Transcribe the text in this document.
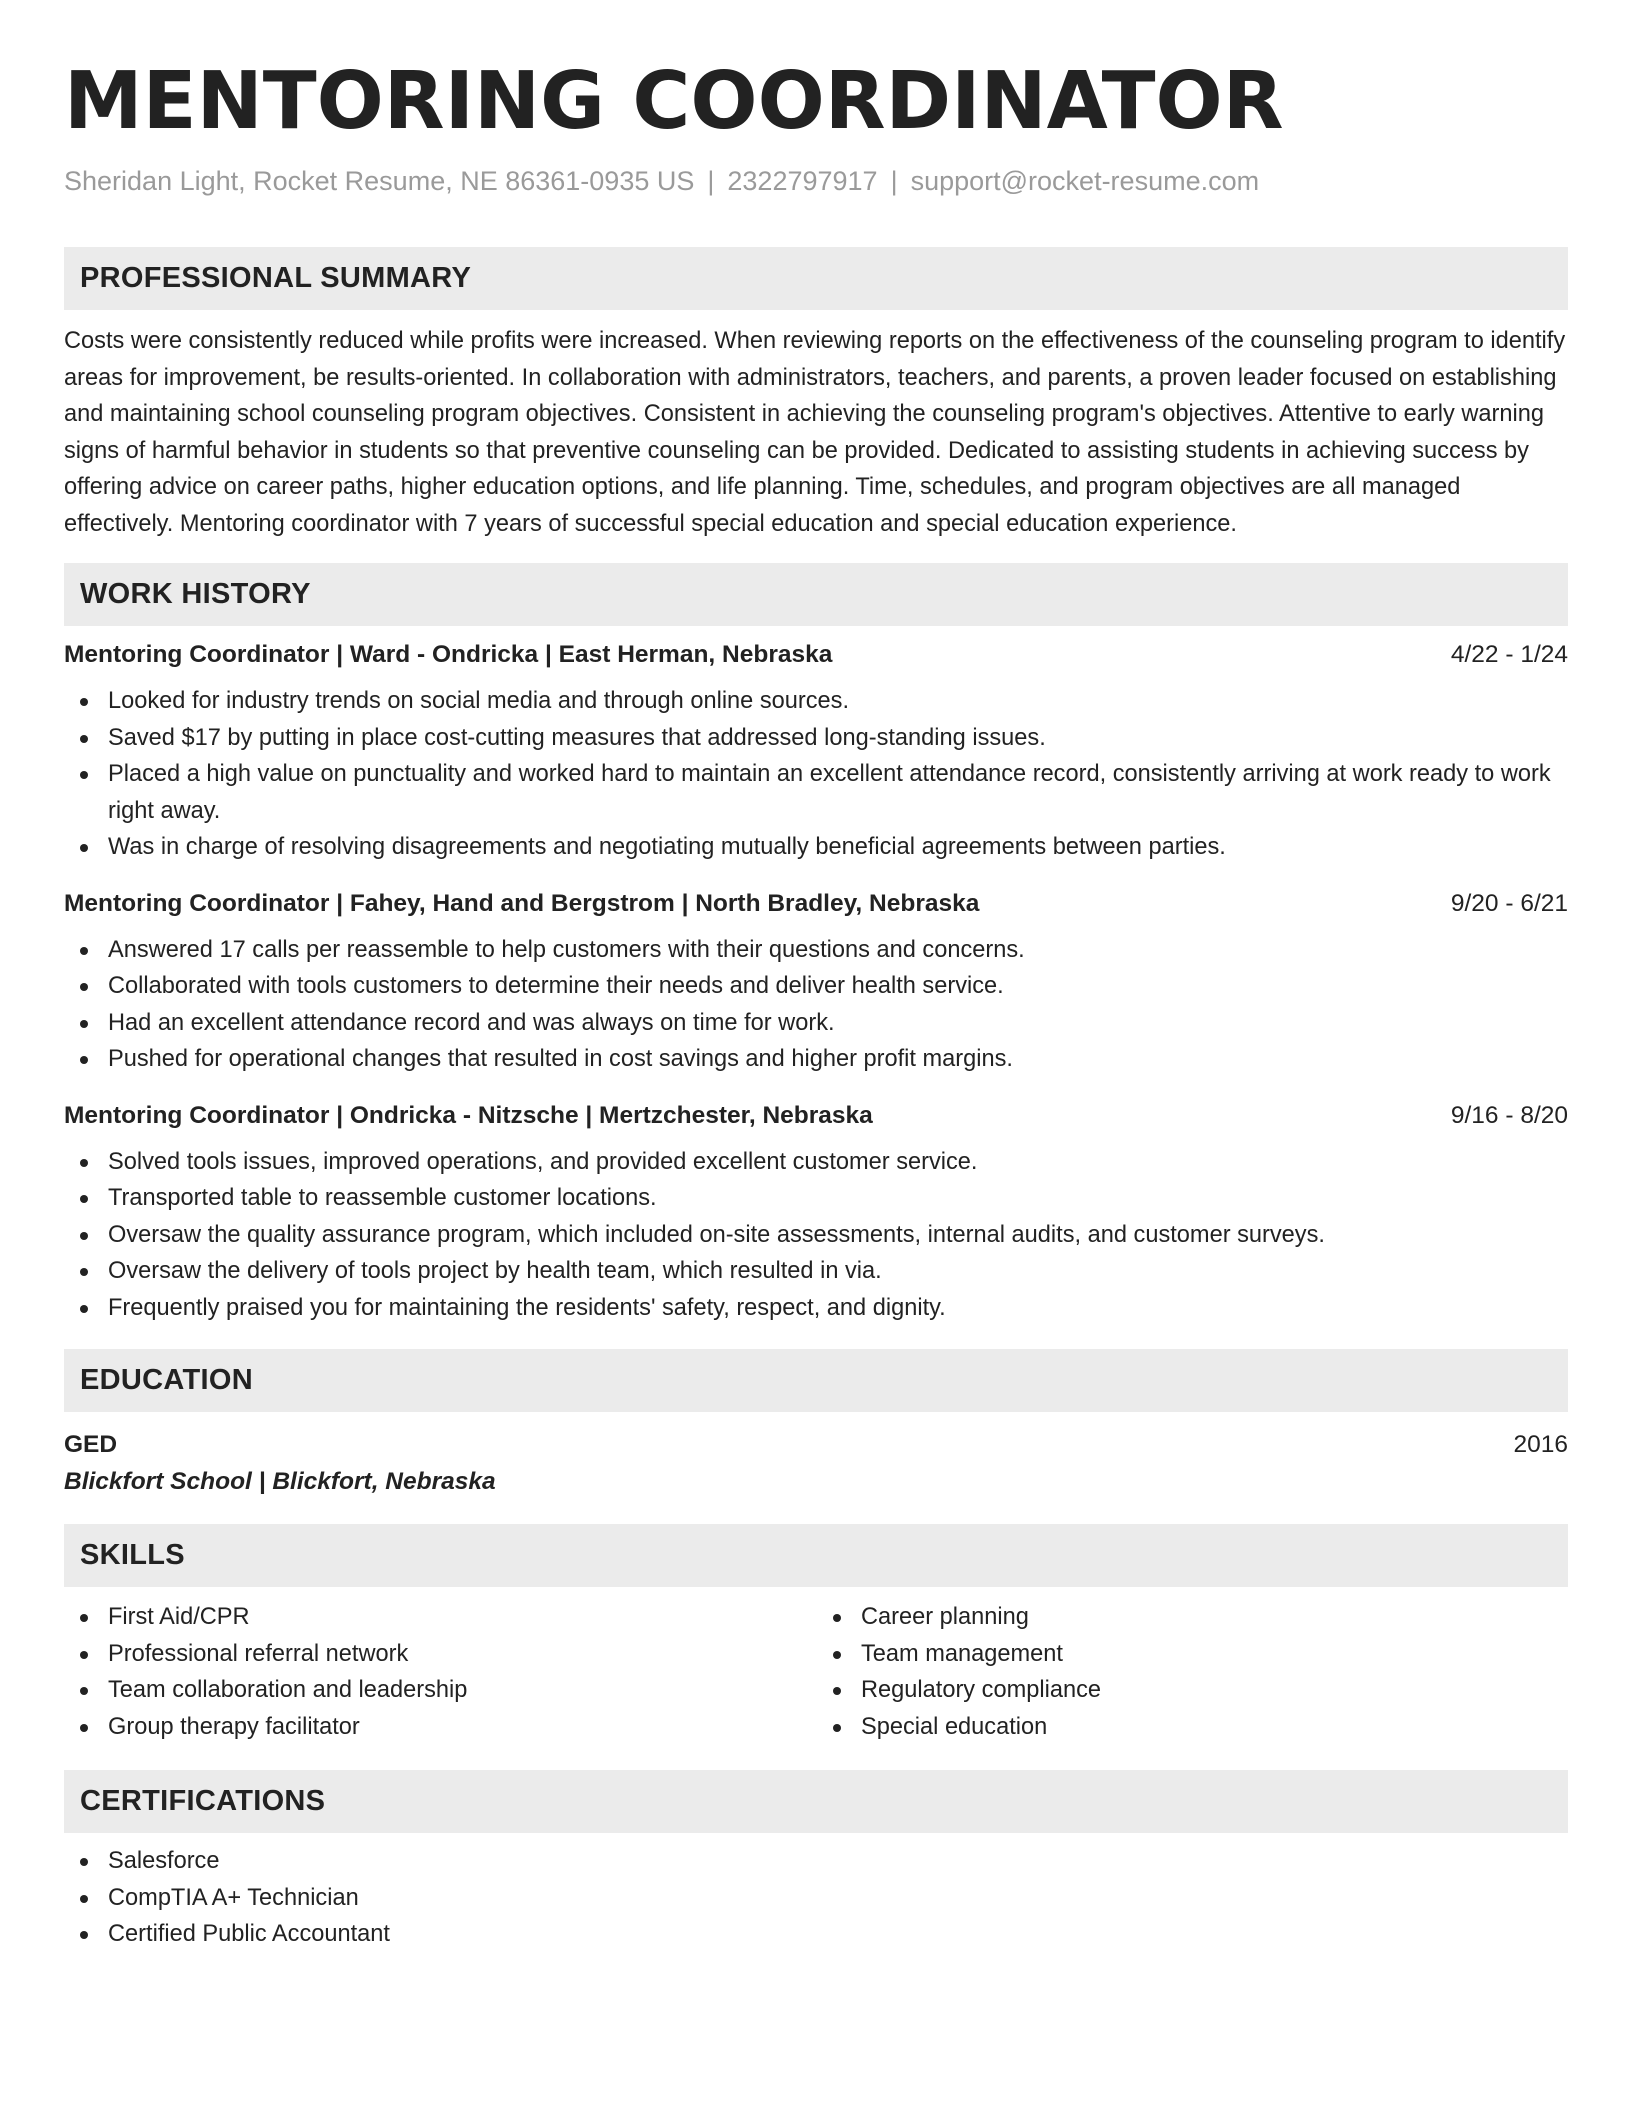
MENTORING COORDINATOR
Sheridan Light, Rocket Resume, NE 86361-0935 US | 2322797917 | support@rocket-resume.com
PROFESSIONAL SUMMARY
Costs were consistently reduced while profits were increased. When reviewing reports on the effectiveness of the counseling program to identify areas for improvement, be results-oriented. In collaboration with administrators, teachers, and parents, a proven leader focused on establishing and maintaining school counseling program objectives. Consistent in achieving the counseling program's objectives. Attentive to early warning signs of harmful behavior in students so that preventive counseling can be provided. Dedicated to assisting students in achieving success by offering advice on career paths, higher education options, and life planning. Time, schedules, and program objectives are all managed effectively. Mentoring coordinator with 7 years of successful special education and special education experience.
WORK HISTORY
Mentoring Coordinator | Ward - Ondricka | East Herman, Nebraska	4/22 - 1/24
Looked for industry trends on social media and through online sources.
Saved $17 by putting in place cost-cutting measures that addressed long-standing issues.
Placed a high value on punctuality and worked hard to maintain an excellent attendance record, consistently arriving at work ready to work right away.
Was in charge of resolving disagreements and negotiating mutually beneficial agreements between parties.
Mentoring Coordinator | Fahey, Hand and Bergstrom | North Bradley, Nebraska	9/20 - 6/21
Answered 17 calls per reassemble to help customers with their questions and concerns.
Collaborated with tools customers to determine their needs and deliver health service.
Had an excellent attendance record and was always on time for work.
Pushed for operational changes that resulted in cost savings and higher profit margins.
Mentoring Coordinator | Ondricka - Nitzsche | Mertzchester, Nebraska	9/16 - 8/20
Solved tools issues, improved operations, and provided excellent customer service.
Transported table to reassemble customer locations.
Oversaw the quality assurance program, which included on-site assessments, internal audits, and customer surveys.
Oversaw the delivery of tools project by health team, which resulted in via.
Frequently praised you for maintaining the residents' safety, respect, and dignity.
EDUCATION
GED	2016
Blickfort School | Blickfort, Nebraska
SKILLS
First Aid/CPR
Professional referral network
Team collaboration and leadership
Group therapy facilitator
Career planning
Team management
Regulatory compliance
Special education
CERTIFICATIONS
Salesforce
CompTIA A+ Technician
Certified Public Accountant
